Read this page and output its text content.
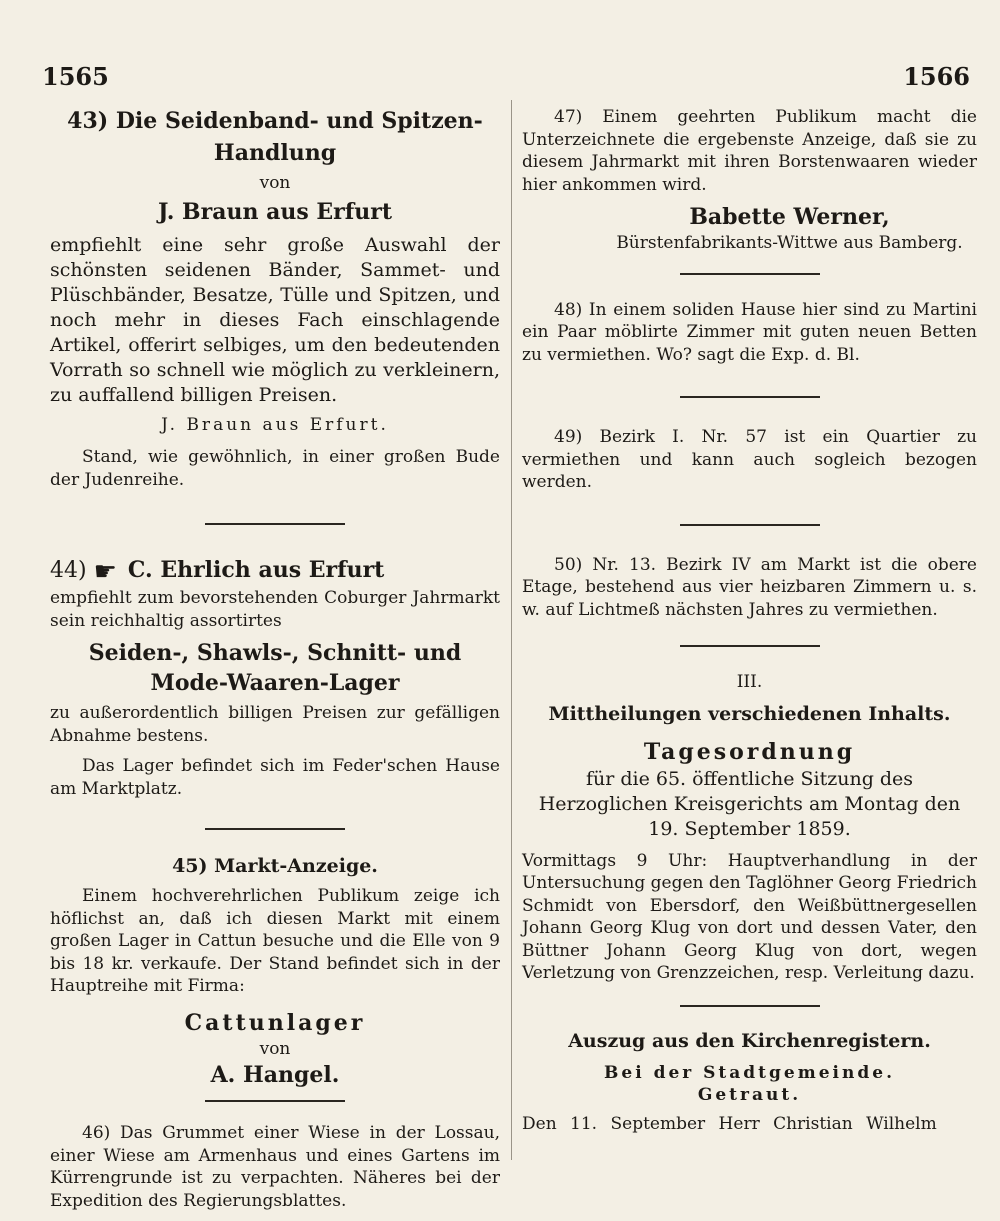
1565	1566

43) Die Seidenband- und Spitzen-

Handlung

von

J. Braun aus Erfurt

empfiehlt eine sehr große Auswahl der schönsten seidenen Bänder, Sammet- und Plüschbänder, Besatze, Tülle und Spitzen, und noch mehr in dieses Fach einschlagende Artikel, offerirt selbiges, um den bedeutenden Vorrath so schnell wie möglich zu verkleinern, zu auffallend billigen Preisen.

J. Braun aus Erfurt.

Stand, wie gewöhnlich, in einer großen Bude der Judenreihe.

44) ☛ C. Ehrlich aus Erfurt

empfiehlt zum bevorstehenden Coburger Jahrmarkt sein reichhaltig assortirtes

Seiden-, Shawls-, Schnitt- und

Mode-Waaren-Lager

zu außerordentlich billigen Preisen zur gefälligen Abnahme bestens.

Das Lager befindet sich im Feder'schen Hause am Marktplatz.

45) Markt-Anzeige.

Einem hochverehrlichen Publikum zeige ich höflichst an, daß ich diesen Markt mit einem großen Lager in Cattun besuche und die Elle von 9 bis 18 kr. verkaufe. Der Stand befindet sich in der Hauptreihe mit Firma:

Cattunlager

von

A. Hangel.

46) Das Grummet einer Wiese in der Lossau, einer Wiese am Armenhaus und eines Gartens im Kürrengrunde ist zu verpachten. Näheres bei der Expedition des Regierungsblattes.

47) Einem geehrten Publikum macht die Unterzeichnete die ergebenste Anzeige, daß sie zu diesem Jahrmarkt mit ihren Borstenwaaren wieder hier ankommen wird.

Babette Werner,

Bürstenfabrikants-Wittwe aus Bamberg.

48) In einem soliden Hause hier sind zu Martini ein Paar möblirte Zimmer mit guten neuen Betten zu vermiethen. Wo? sagt die Exp. d. Bl.

49) Bezirk I. Nr. 57 ist ein Quartier zu vermiethen und kann auch sogleich bezogen werden.

50) Nr. 13. Bezirk IV am Markt ist die obere Etage, bestehend aus vier heizbaren Zimmern u. s. w. auf Lichtmeß nächsten Jahres zu vermiethen.

III.

Mittheilungen verschiedenen Inhalts.

Tagesordnung

für die 65. öffentliche Sitzung des Herzoglichen Kreisgerichts am Montag den 19. September 1859.

Vormittags 9 Uhr: Hauptverhandlung in der Untersuchung gegen den Taglöhner Georg Friedrich Schmidt von Ebersdorf, den Weißbüttnergesellen Johann Georg Klug von dort und dessen Vater, den Büttner Johann Georg Klug von dort, wegen Verletzung von Grenzzeichen, resp. Verleitung dazu.

Auszug aus den Kirchenregistern.

Bei der Stadtgemeinde.

Getraut.

Den 11. September Herr Christian Wilhelm
